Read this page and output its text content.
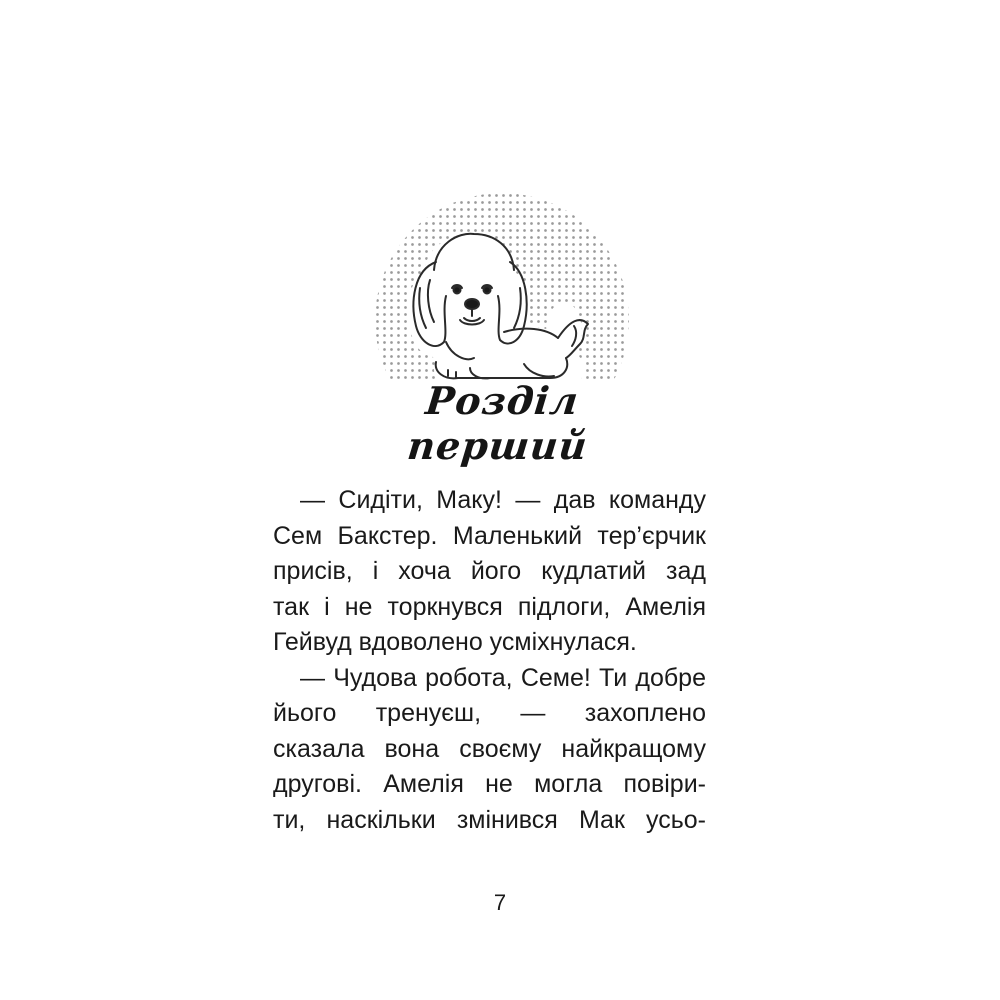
Розділ перший
— Сидіти, Маку! — дав команду
Сем Бакстер. Маленький тер’єрчик
присів, і хоча його кудлатий зад
так і не торкнувся підлоги, Амелія
Гейвуд вдоволено усміхнулася.
— Чудова робота, Семе! Ти добре
йього тренуєш, — захоплено
сказала вона своєму найкращому
другові. Амелія не могла повіри-
ти, наскільки змінився Мак усьо-
7
